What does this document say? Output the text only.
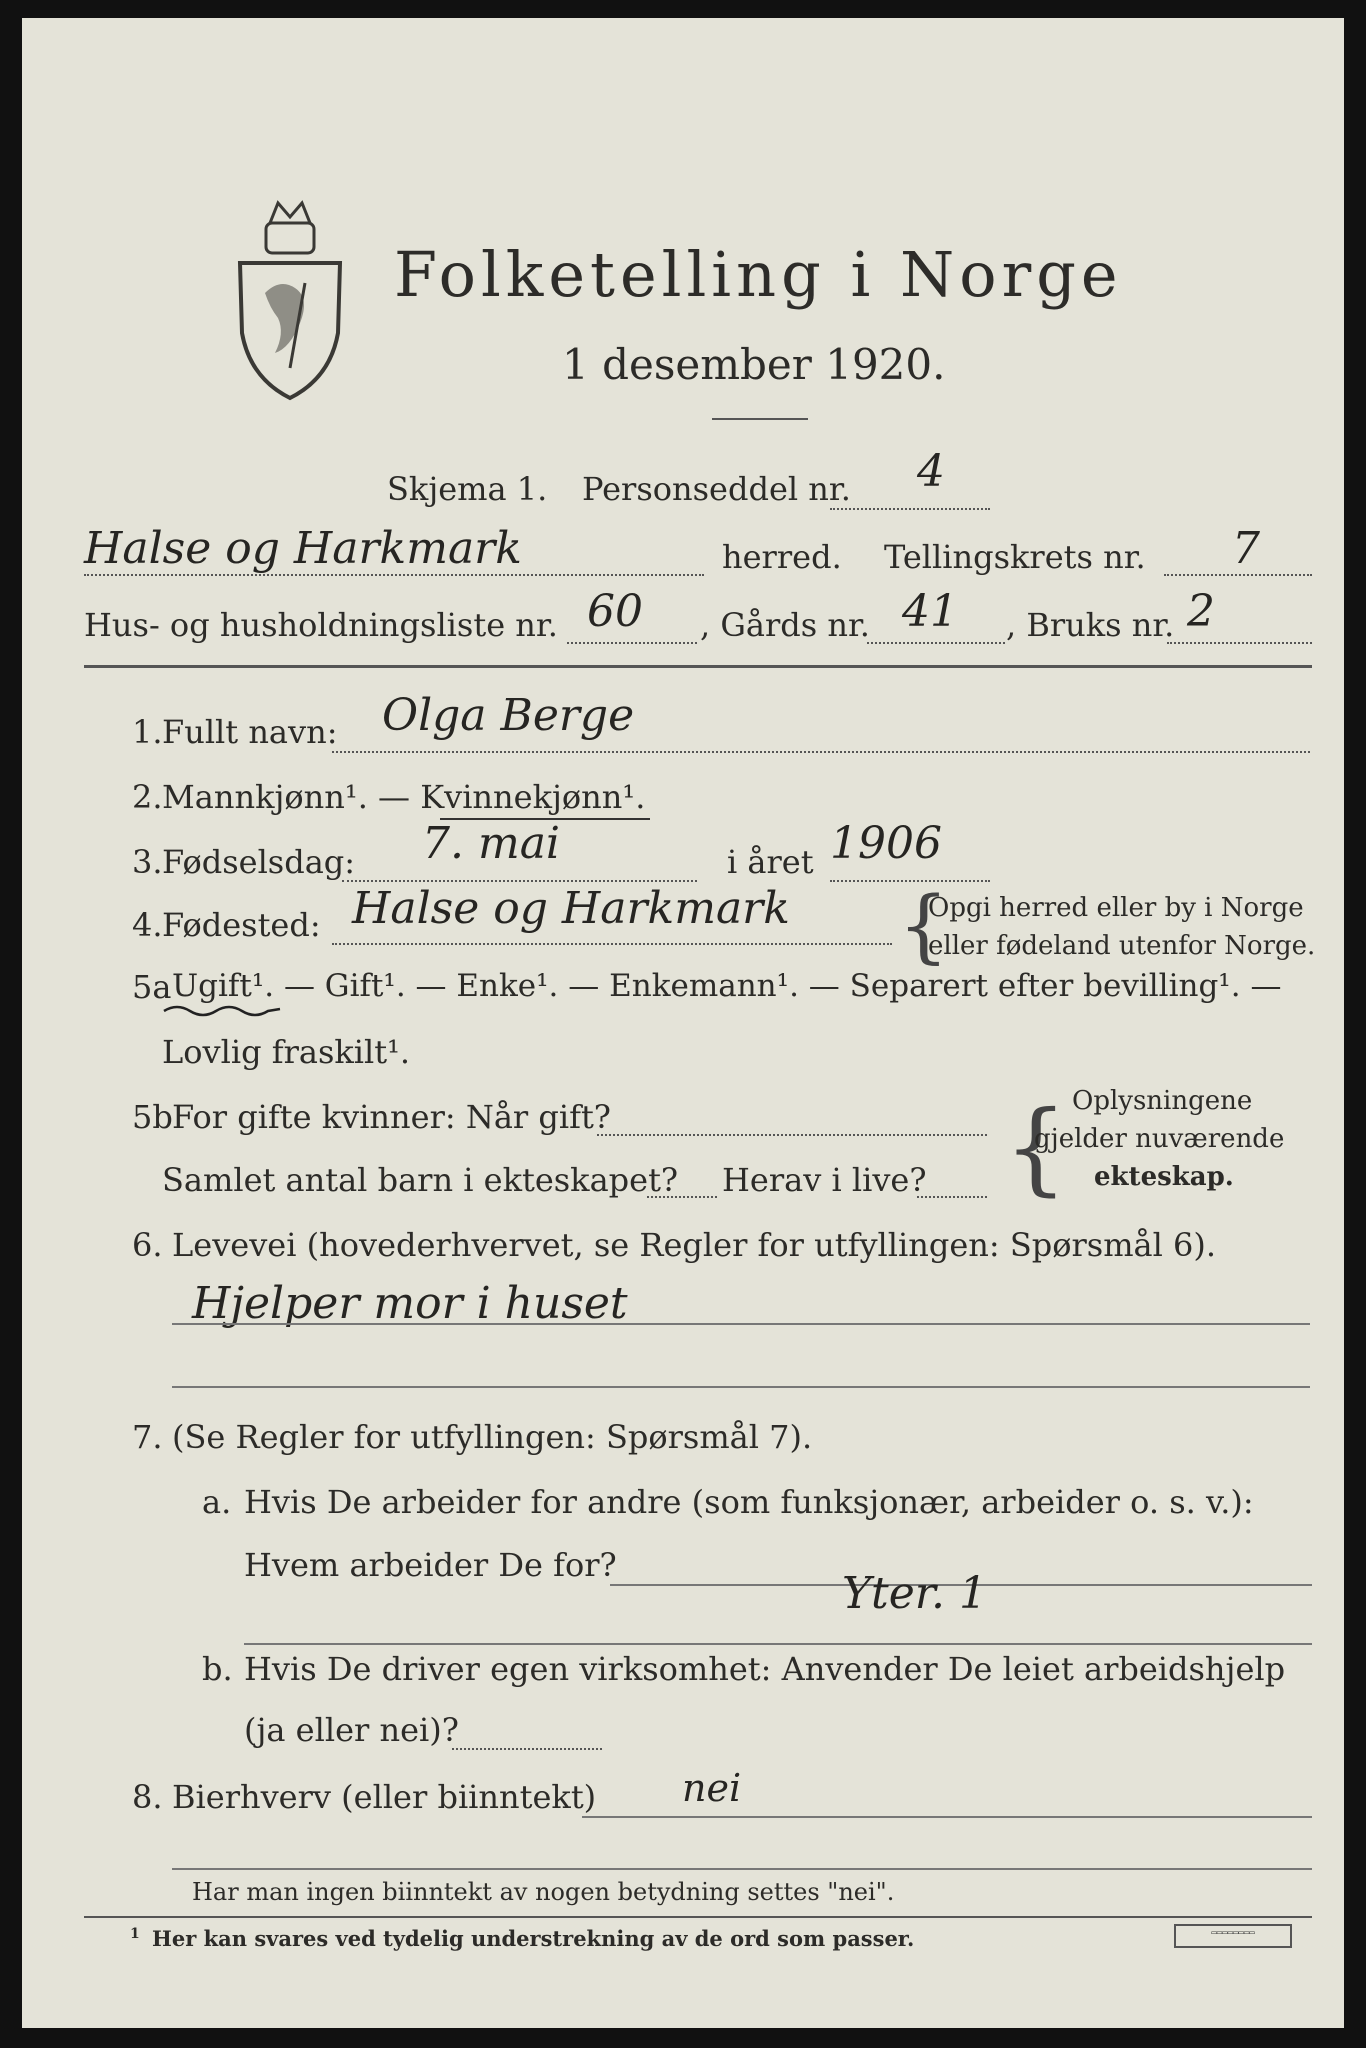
Folketelling i Norge
1 desember 1920.
Skjema 1. Personseddel nr. 4
Halse og Harkmark	herred. Tellingskrets nr. 7
Hus- og husholdningsliste nr. 60 , Gårds nr. 41 , Bruks nr. 2
1. Fullt navn: Olga Berge
2. Mannkjønn¹. — Kvinnekjønn¹.
3. Fødselsdag: 7. mai	i året 1906
4. Fødested: Halse og Harkmark {
Opgi herred eller by i Norge
eller fødeland utenfor Norge.
5a Ugift¹. — Gift¹. — Enke¹. — Enkemann¹. — Separert efter bevilling¹. —
Lovlig fraskilt¹.
5b For gifte kvinner: Når gift?
Samlet antal barn i ekteskapet? Herav i live? { Oplysningene
gjelder nuværende
ekteskap.
6. Levevei (hovederhvervet, se Regler for utfyllingen: Spørsmål 6).
Hjelper mor i huset
7. (Se Regler for utfyllingen: Spørsmål 7).
a. Hvis De arbeider for andre (som funksjonær, arbeider o. s. v.):
Hvem arbeider De for?
Yter. 1
b. Hvis De driver egen virksomhet: Anvender De leiet arbeidshjelp
(ja eller nei)?
8. Bierhverv (eller biinntekt) nei
Har man ingen biinntekt av nogen betydning settes "nei".
1 Her kan svares ved tydelig understrekning av de ord som passer.	▭▭▭▭▭▭▭▭
